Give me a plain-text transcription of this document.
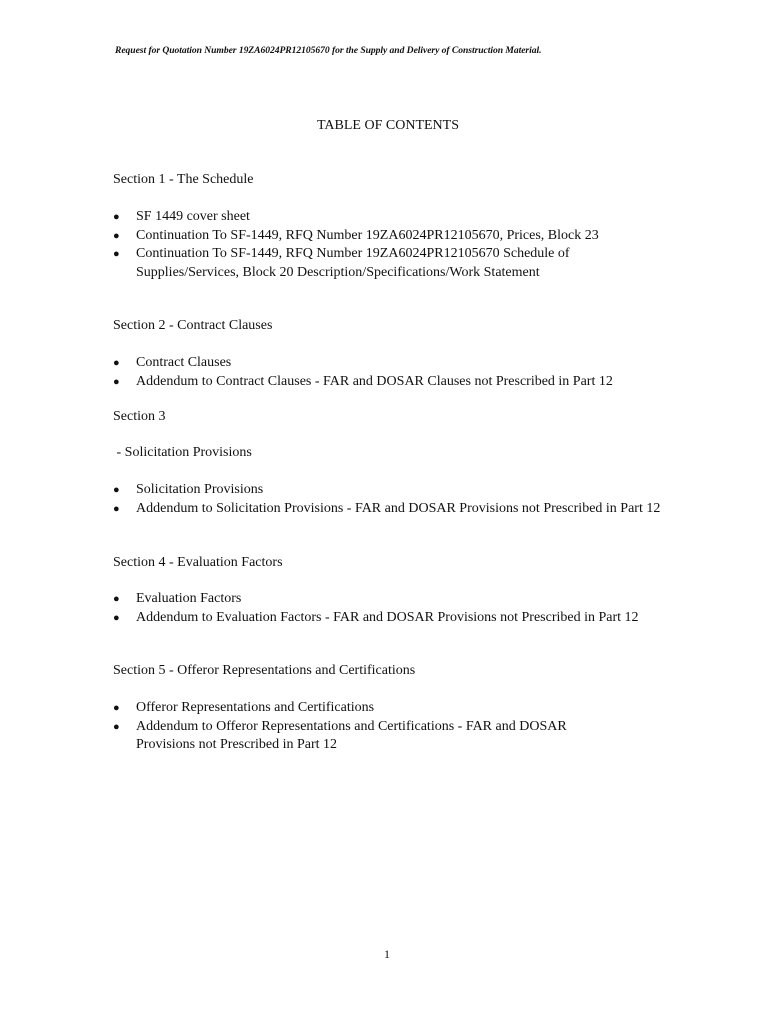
Request for Quotation Number 19ZA6024PR12105670 for the Supply and Delivery of Construction Material.
TABLE OF CONTENTS
Section 1 - The Schedule
● SF 1449 cover sheet
● Continuation To SF-1449, RFQ Number 19ZA6024PR12105670, Prices, Block 23
● Continuation To SF-1449, RFQ Number 19ZA6024PR12105670 Schedule of Supplies/Services, Block 20 Description/Specifications/Work Statement
Section 2 - Contract Clauses
● Contract Clauses
● Addendum to Contract Clauses - FAR and DOSAR Clauses not Prescribed in Part 12
Section 3
- Solicitation Provisions
● Solicitation Provisions
● Addendum to Solicitation Provisions - FAR and DOSAR Provisions not Prescribed in Part 12
Section 4 - Evaluation Factors
● Evaluation Factors
● Addendum to Evaluation Factors - FAR and DOSAR Provisions not Prescribed in Part 12
Section 5 - Offeror Representations and Certifications
● Offeror Representations and Certifications
● Addendum to Offeror Representations and Certifications - FAR and DOSAR Provisions not Prescribed in Part 12
1
